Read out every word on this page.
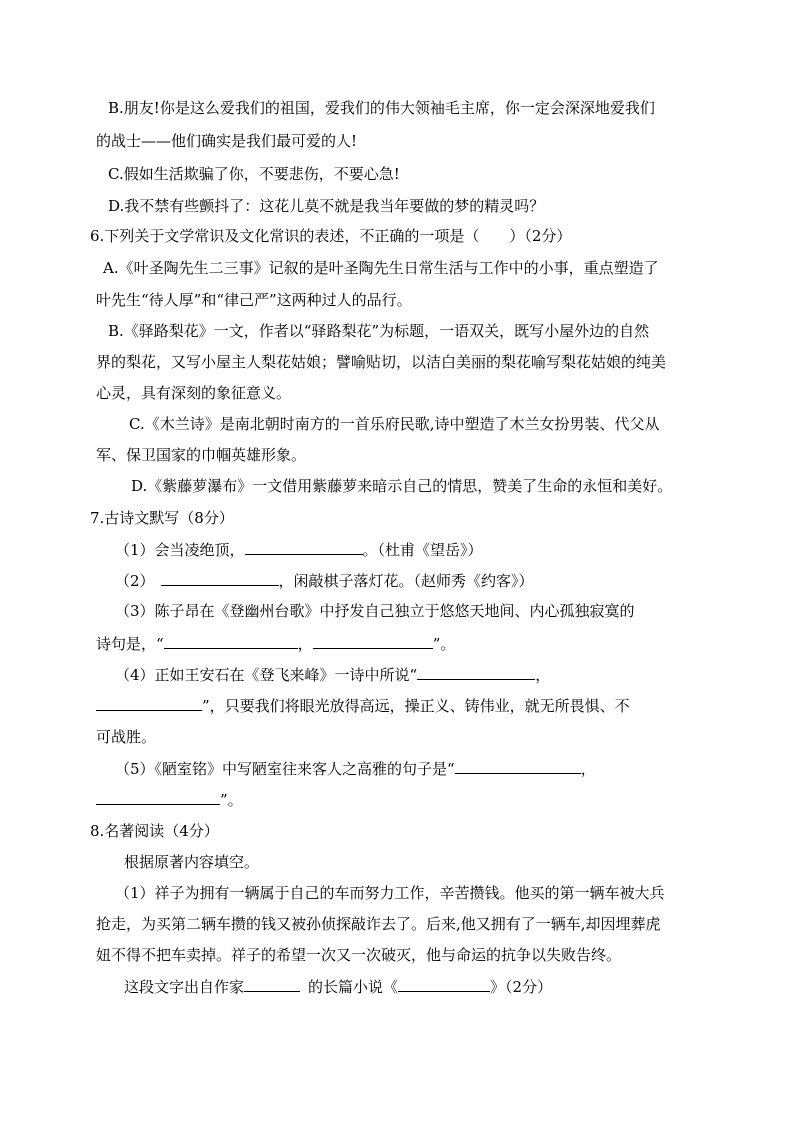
B.朋友!你是这么爱我们的祖国，爱我们的伟大领袖毛主席，你一定会深深地爱我们
的战士——他们确实是我们最可爱的人!
C.假如生活欺骗了你，不要悲伤，不要心急!
D.我不禁有些颤抖了：这花儿莫不就是我当年要做的梦的精灵吗？
6.下列关于文学常识及文化常识的表述，不正确的一项是（　　）（2分）
A.《叶圣陶先生二三事》记叙的是叶圣陶先生日常生活与工作中的小事，重点塑造了
叶先生“待人厚”和“律己严”这两种过人的品行。
B.《驿路梨花》一文，作者以“驿路梨花”为标题，一语双关，既写小屋外边的自然
界的梨花，又写小屋主人梨花姑娘；譬喻贴切，以洁白美丽的梨花喻写梨花姑娘的纯美
心灵，具有深刻的象征意义。
C.《木兰诗》是南北朝时南方的一首乐府民歌,诗中塑造了木兰女扮男装、代父从
军、保卫国家的巾帼英雄形象。
D.《紫藤萝瀑布》一文借用紫藤萝来暗示自己的情思，赞美了生命的永恒和美好。
7.古诗文默写（8分）
（1）会当凌绝顶，	。（杜甫《望岳》）
（2）	，闲敲棋子落灯花。（赵师秀《约客》）
（3）陈子昂在《登幽州台歌》中抒发自己独立于悠悠天地间、内心孤独寂寞的
诗句是，“	，	”。
（4）正如王安石在《登飞来峰》一诗中所说“	，
”，只要我们将眼光放得高远，操正义、铸伟业，就无所畏惧、不
可战胜。
（5）《陋室铭》中写陋室往来客人之高雅的句子是“	，
”。
8.名著阅读（4分）
根据原著内容填空。
（1）祥子为拥有一辆属于自己的车而努力工作，辛苦攒钱。他买的第一辆车被大兵
抢走，为买第二辆车攒的钱又被孙侦探敲诈去了。后来,他又拥有了一辆车,却因埋葬虎
妞不得不把车卖掉。祥子的希望一次又一次破灭，他与命运的抗争以失败告终。
这段文字出自作家	的长篇小说《	》（2分）
